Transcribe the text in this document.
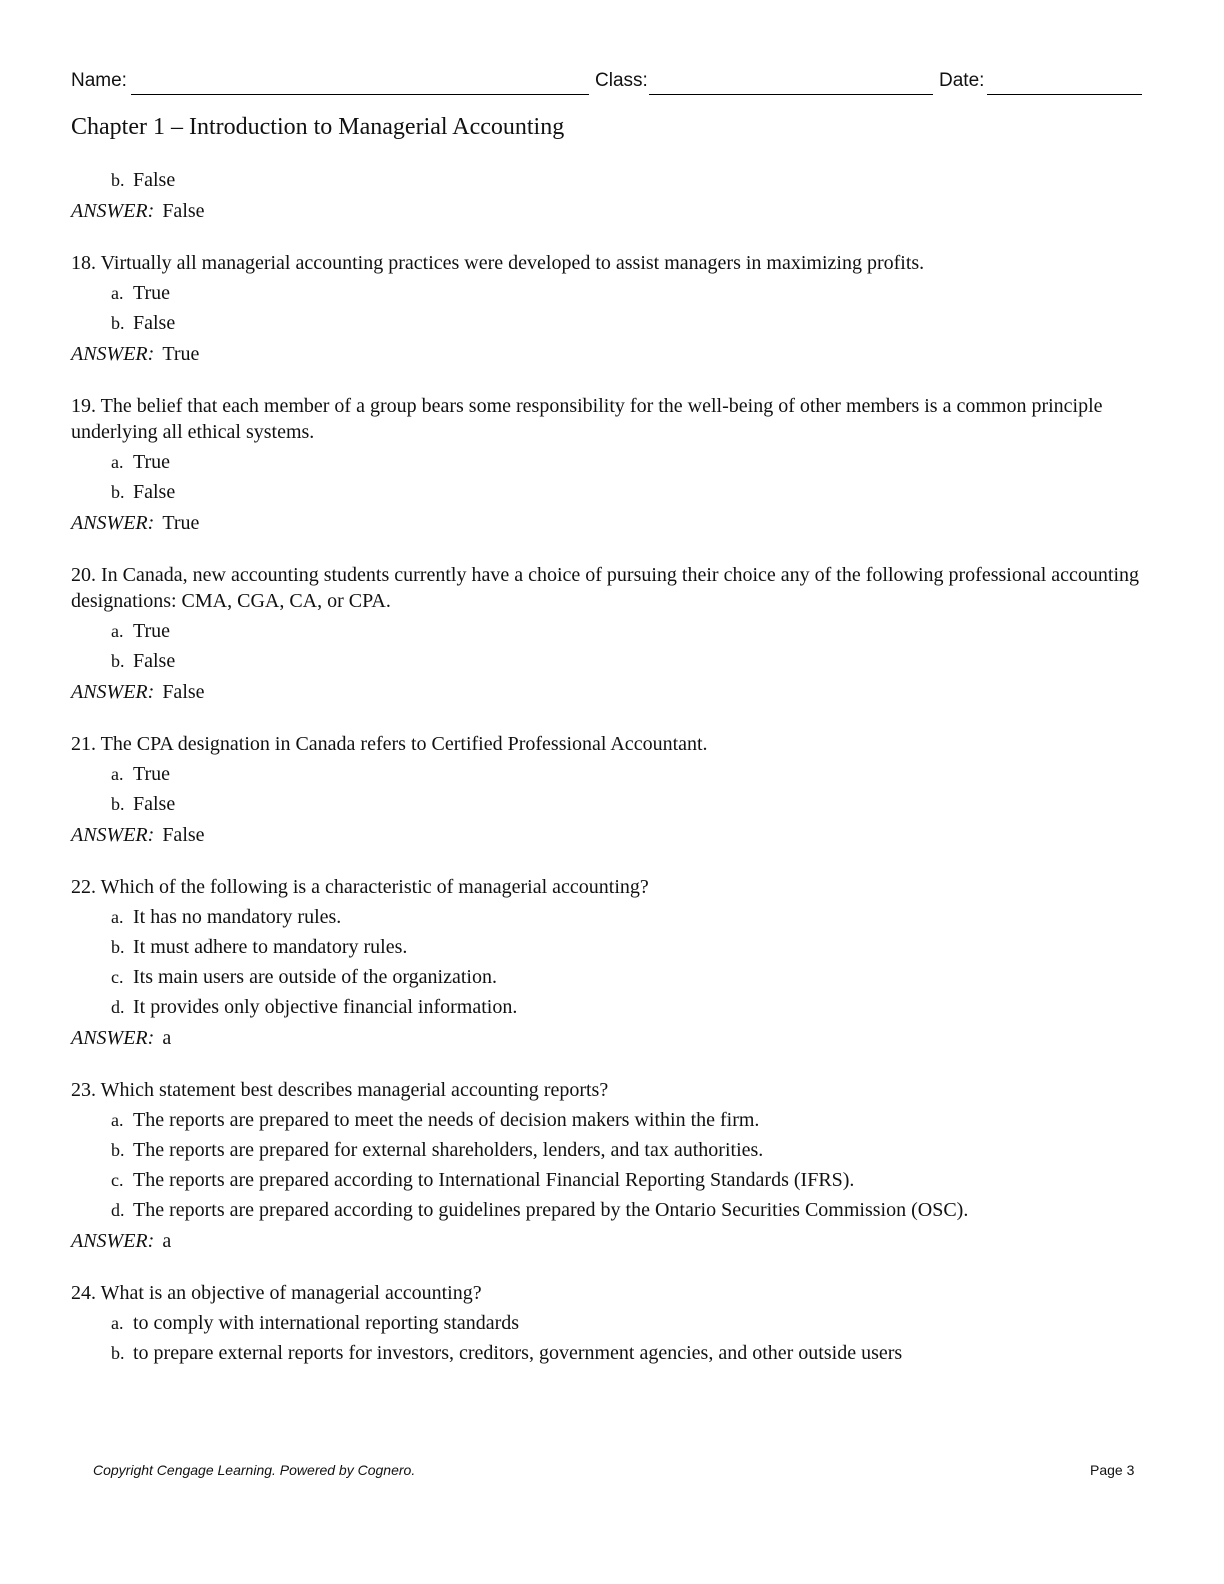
Name:	Class:	Date:
Chapter 1 – Introduction to Managerial Accounting
b. False
ANSWER: False
18. Virtually all managerial accounting practices were developed to assist managers in maximizing profits.
a. True
b. False
ANSWER: True
19. The belief that each member of a group bears some responsibility for the well-being of other members is a common principle underlying all ethical systems.
a. True
b. False
ANSWER: True
20. In Canada, new accounting students currently have a choice of pursuing their choice any of the following professional accounting designations: CMA, CGA, CA, or CPA.
a. True
b. False
ANSWER: False
21. The CPA designation in Canada refers to Certified Professional Accountant.
a. True
b. False
ANSWER: False
22. Which of the following is a characteristic of managerial accounting?
a. It has no mandatory rules.
b. It must adhere to mandatory rules.
c. Its main users are outside of the organization.
d. It provides only objective financial information.
ANSWER: a
23. Which statement best describes managerial accounting reports?
a. The reports are prepared to meet the needs of decision makers within the firm.
b. The reports are prepared for external shareholders, lenders, and tax authorities.
c. The reports are prepared according to International Financial Reporting Standards (IFRS).
d. The reports are prepared according to guidelines prepared by the Ontario Securities Commission (OSC).
ANSWER: a
24. What is an objective of managerial accounting?
a. to comply with international reporting standards
b. to prepare external reports for investors, creditors, government agencies, and other outside users
Copyright Cengage Learning. Powered by Cognero.	Page 3
